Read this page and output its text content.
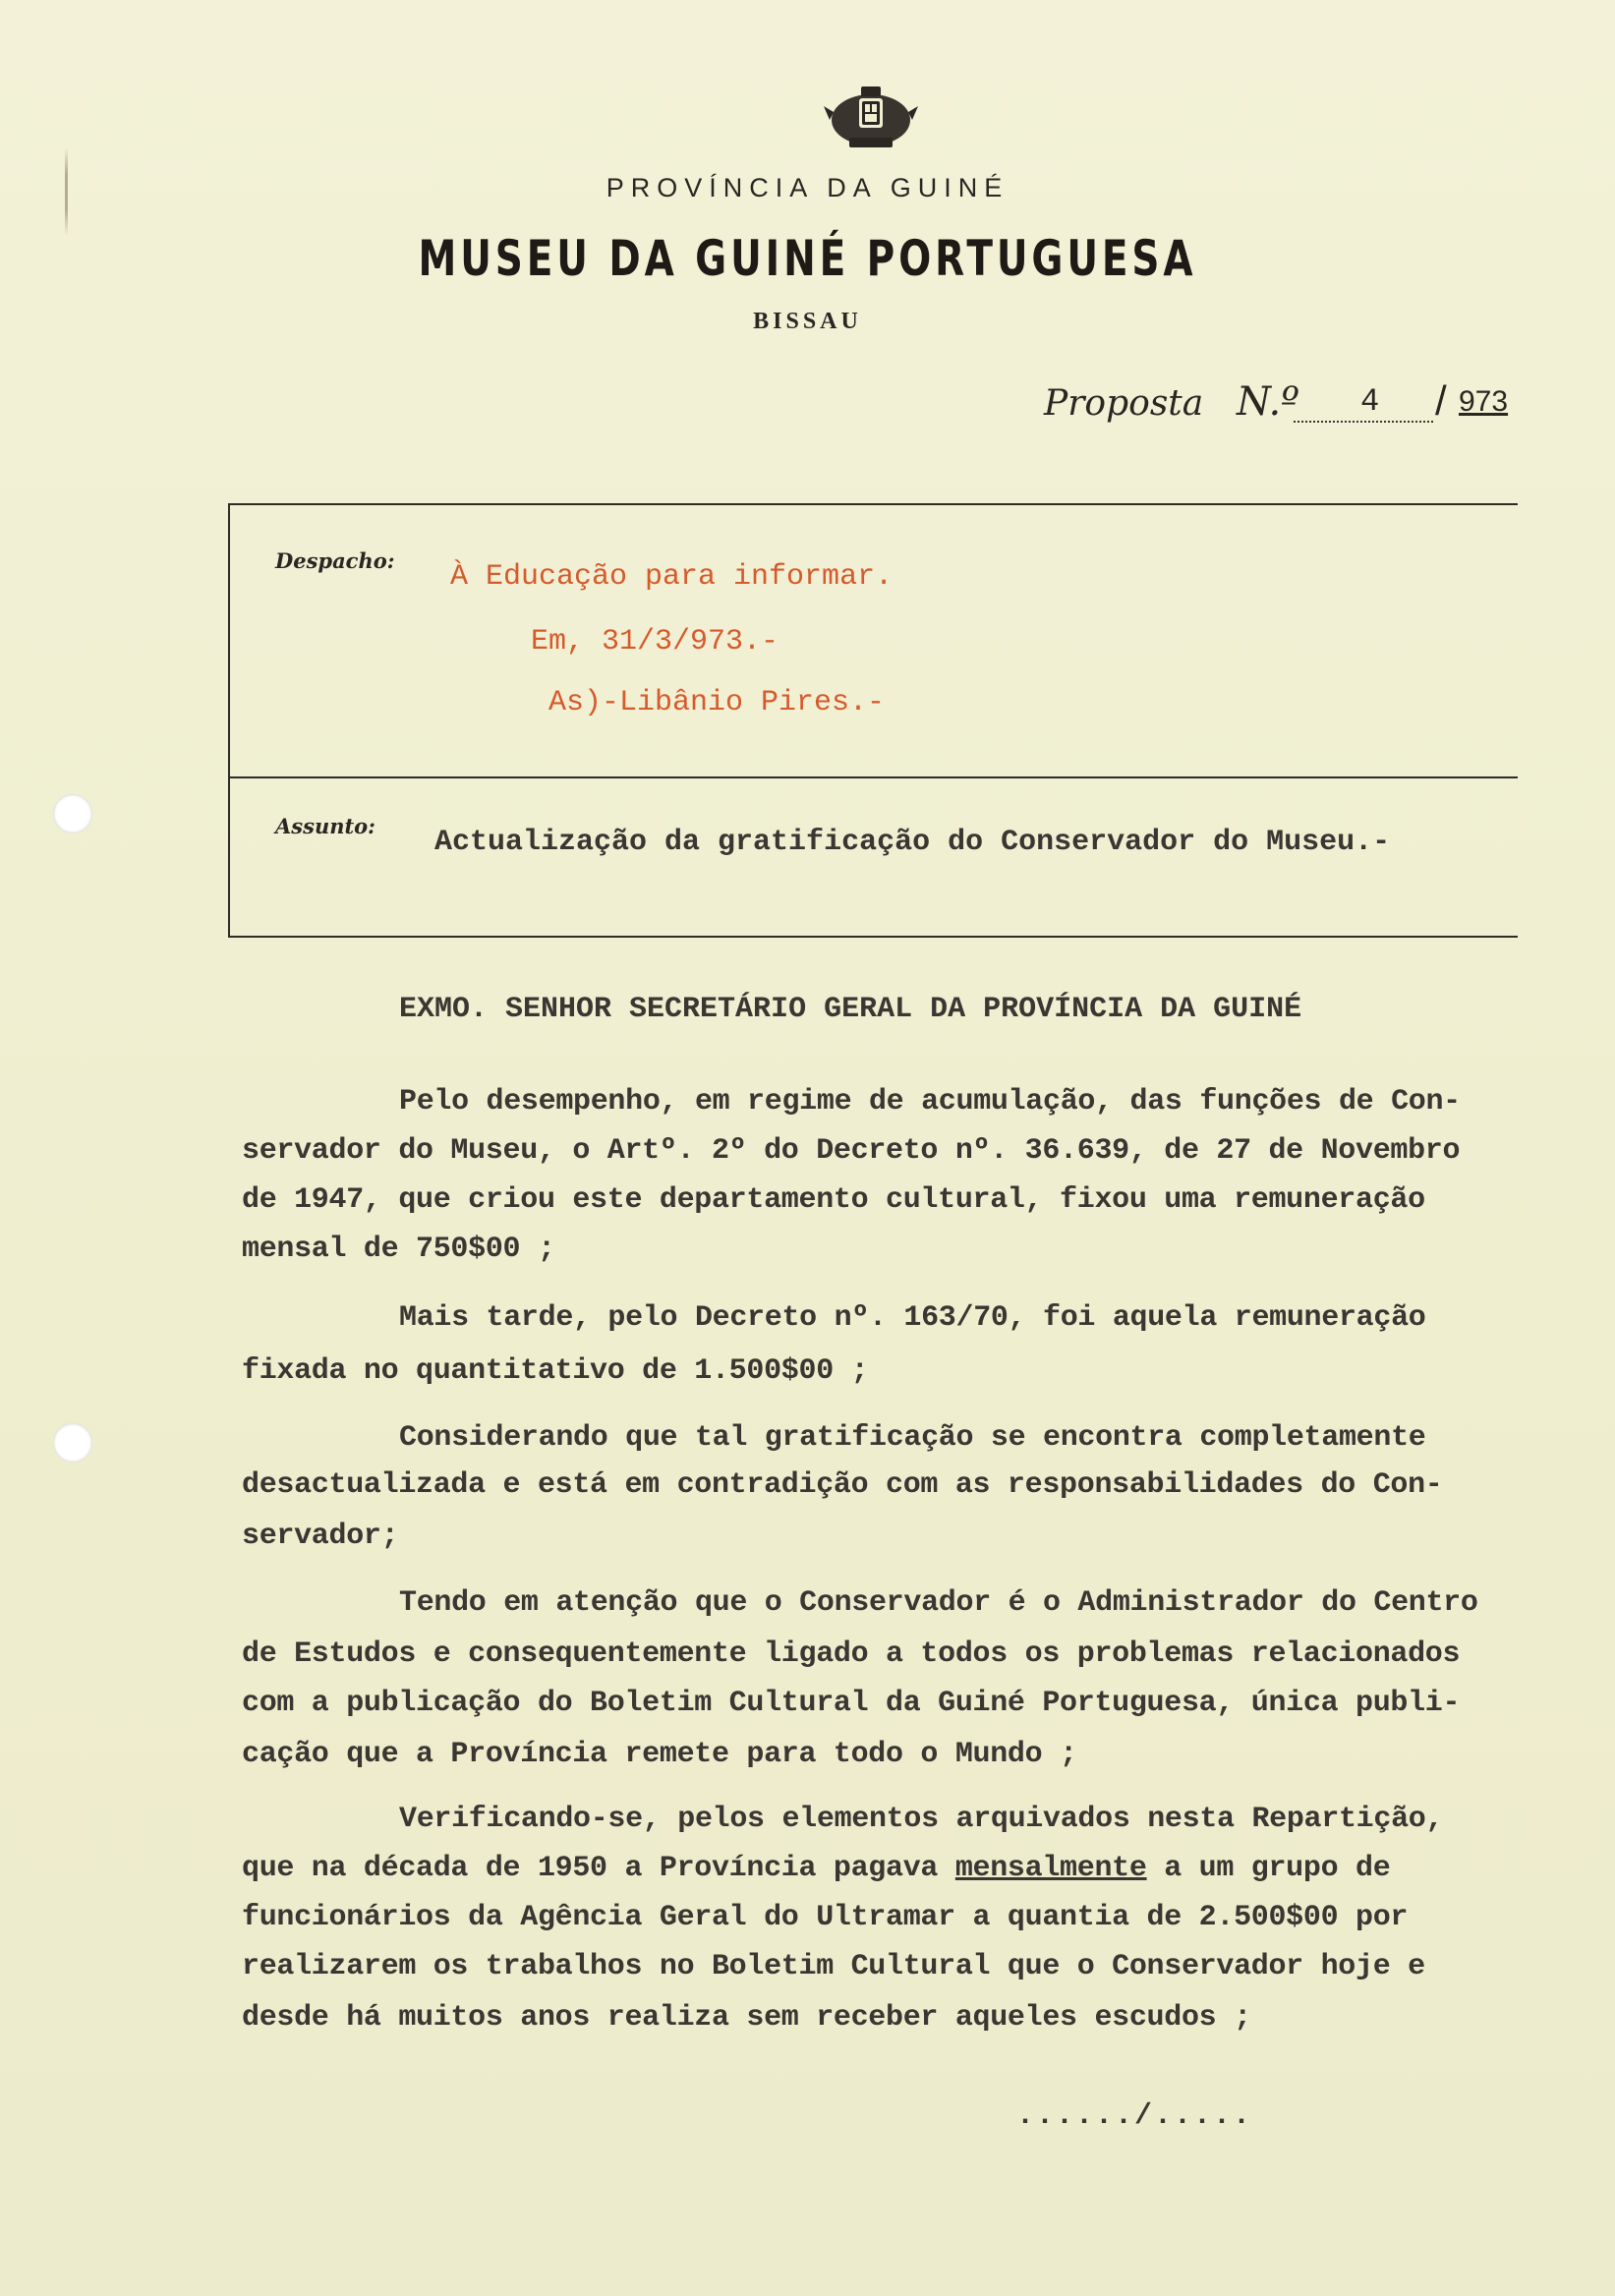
PROVÍNCIA DA GUINÉ
MUSEU DA GUINÉ PORTUGUESA
BISSAU
Proposta N.º 4 / 973
Despacho: À Educação para informar.
Em, 31/3/973.-
As)-Libânio Pires.-
Assunto: Actualização da gratificação do Conservador do Museu.-
EXMO. SENHOR SECRETÁRIO GERAL DA PROVÍNCIA DA GUINÉ
Pelo desempenho, em regime de acumulação, das funções de Con-
servador do Museu, o Artº. 2º do Decreto nº. 36.639, de 27 de Novembro
de 1947, que criou este departamento cultural, fixou uma remuneração
mensal de 750$00 ;
Mais tarde, pelo Decreto nº. 163/70, foi aquela remuneração
fixada no quantitativo de 1.500$00 ;
Considerando que tal gratificação se encontra completamente
desactualizada e está em contradição com as responsabilidades do Con-
servador;
Tendo em atenção que o Conservador é o Administrador do Centro
de Estudos e consequentemente ligado a todos os problemas relacionados
com a publicação do Boletim Cultural da Guiné Portuguesa, única publi-
cação que a Província remete para todo o Mundo ;
Verificando-se, pelos elementos arquivados nesta Repartição,
que na década de 1950 a Província pagava mensalmente a um grupo de
funcionários da Agência Geral do Ultramar a quantia de 2.500$00 por
realizarem os trabalhos no Boletim Cultural que o Conservador hoje e
desde há muitos anos realiza sem receber aqueles escudos ;
....../.....
